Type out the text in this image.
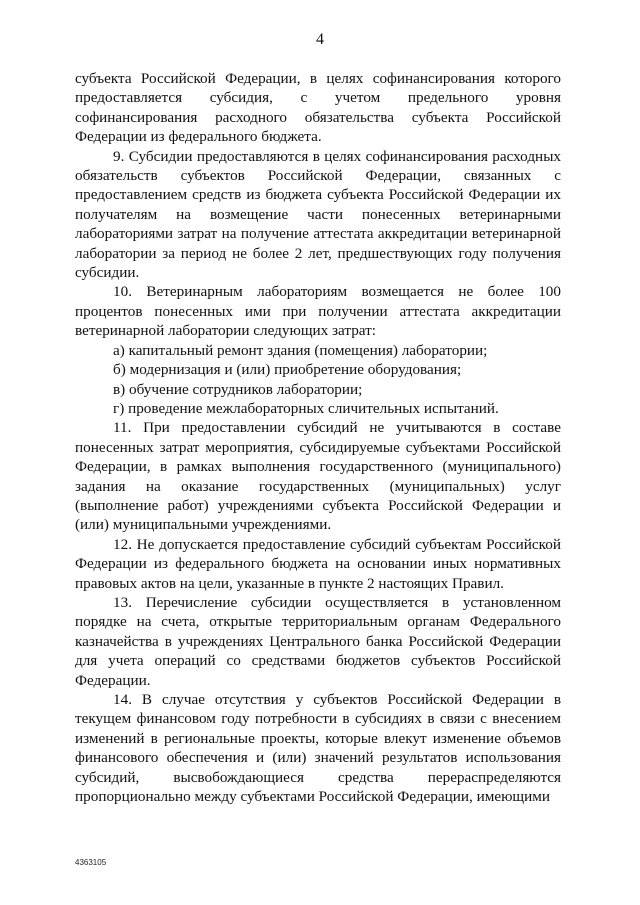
4

субъекта Российской Федерации, в целях софинансирования которого предоставляется субсидия, с учетом предельного уровня софинансирования расходного обязательства субъекта Российской Федерации из федерального бюджета.

9. Субсидии предоставляются в целях софинансирования расходных обязательств субъектов Российской Федерации, связанных с предоставлением средств из бюджета субъекта Российской Федерации их получателям на возмещение части понесенных ветеринарными лабораториями затрат на получение аттестата аккредитации ветеринарной лаборатории за период не более 2 лет, предшествующих году получения субсидии.

10. Ветеринарным лабораториям возмещается не более 100 процентов понесенных ими при получении аттестата аккредитации ветеринарной лаборатории следующих затрат:

а) капитальный ремонт здания (помещения) лаборатории;

б) модернизация и (или) приобретение оборудования;

в) обучение сотрудников лаборатории;

г) проведение межлабораторных сличительных испытаний.

11. При предоставлении субсидий не учитываются в составе понесенных затрат мероприятия, субсидируемые субъектами Российской Федерации, в рамках выполнения государственного (муниципального) задания на оказание государственных (муниципальных) услуг (выполнение работ) учреждениями субъекта Российской Федерации и (или) муниципальными учреждениями.

12. Не допускается предоставление субсидий субъектам Российской Федерации из федерального бюджета на основании иных нормативных правовых актов на цели, указанные в пункте 2 настоящих Правил.

13. Перечисление субсидии осуществляется в установленном порядке на счета, открытые территориальным органам Федерального казначейства в учреждениях Центрального банка Российской Федерации для учета операций со средствами бюджетов субъектов Российской Федерации.

14. В случае отсутствия у субъектов Российской Федерации в текущем финансовом году потребности в субсидиях в связи с внесением изменений в региональные проекты, которые влекут изменение объемов финансового обеспечения и (или) значений результатов использования субсидий, высвобождающиеся средства перераспределяются пропорционально между субъектами Российской Федерации, имеющими

4363105
